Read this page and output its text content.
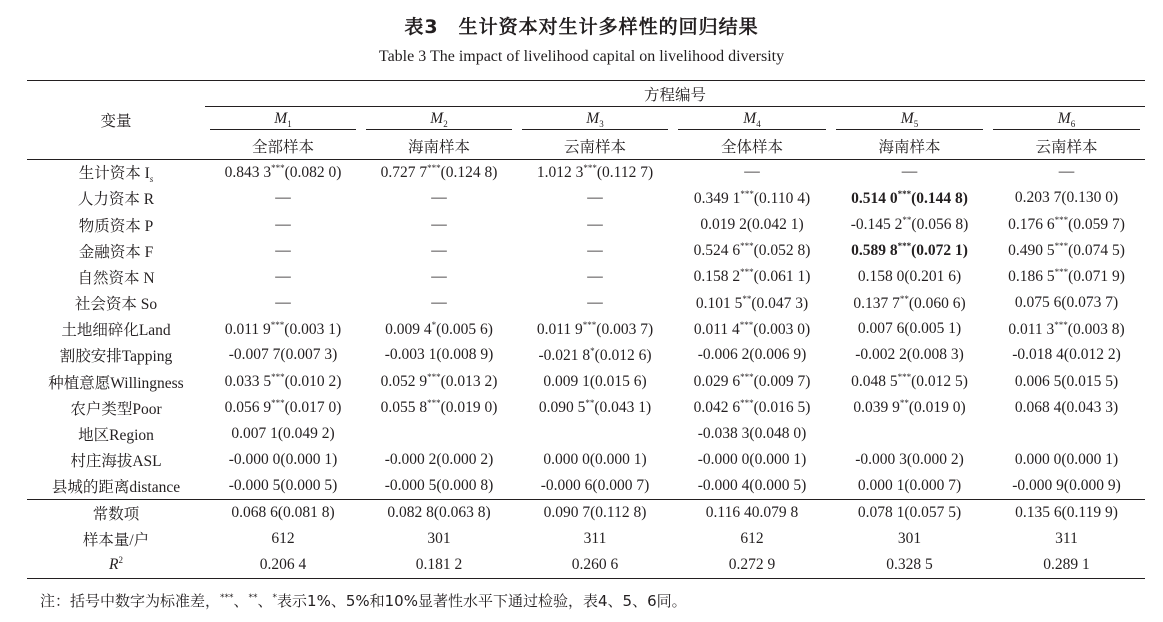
表3　生计资本对生计多样性的回归结果
Table 3 The impact of livelihood capital on livelihood diversity
变量	方程编号					
	$M_1$	$M_2$	$M_3$	$M_4$	$M_5$	$M_6$
	全部样本	海南样本	云南样本	全体样本	海南样本	云南样本
生计资本 $I_s$	0.843 3***(0.082 0)	0.727 7***(0.124 8)	1.012 3***(0.112 7)	—	—	—
人力资本 R	—	—	—	0.349 1***(0.110 4)	0.514 0***(0.144 8)	0.203 7(0.130 0)
物质资本 P	—	—	—	0.019 2(0.042 1)	-0.145 2**(0.056 8)	0.176 6***(0.059 7)
金融资本 F	—	—	—	0.524 6***(0.052 8)	0.589 8***(0.072 1)	0.490 5***(0.074 5)
自然资本 N	—	—	—	0.158 2***(0.061 1)	0.158 0(0.201 6)	0.186 5***(0.071 9)
社会资本 So	—	—	—	0.101 5**(0.047 3)	0.137 7**(0.060 6)	0.075 6(0.073 7)
土地细碎化Land	0.011 9***(0.003 1)	0.009 4*(0.005 6)	0.011 9***(0.003 7)	0.011 4***(0.003 0)	0.007 6(0.005 1)	0.011 3***(0.003 8)
割胶安排Tapping	-0.007 7(0.007 3)	-0.003 1(0.008 9)	-0.021 8*(0.012 6)	-0.006 2(0.006 9)	-0.002 2(0.008 3)	-0.018 4(0.012 2)
种植意愿Willingness	0.033 5***(0.010 2)	0.052 9***(0.013 2)	0.009 1(0.015 6)	0.029 6***(0.009 7)	0.048 5***(0.012 5)	0.006 5(0.015 5)
农户类型Poor	0.056 9***(0.017 0)	0.055 8***(0.019 0)	0.090 5**(0.043 1)	0.042 6***(0.016 5)	0.039 9**(0.019 0)	0.068 4(0.043 3)
地区Region	0.007 1(0.049 2)			-0.038 3(0.048 0)		
村庄海拔ASL	-0.000 0(0.000 1)	-0.000 2(0.000 2)	0.000 0(0.000 1)	-0.000 0(0.000 1)	-0.000 3(0.000 2)	0.000 0(0.000 1)
县城的距离distance	-0.000 5(0.000 5)	-0.000 5(0.000 8)	-0.000 6(0.000 7)	-0.000 4(0.000 5)	0.000 1(0.000 7)	-0.000 9(0.000 9)
常数项	0.068 6(0.081 8)	0.082 8(0.063 8)	0.090 7(0.112 8)	0.116 40.079 8	0.078 1(0.057 5)	0.135 6(0.119 9)
样本量/户	612	301	311	612	301	311
$R^2$	0.206 4	0.181 2	0.260 6	0.272 9	0.328 5	0.289 1
注：括号中数字为标准差，***、**、*表示1%、5%和10%显著性水平下通过检验，表4、5、6同。
